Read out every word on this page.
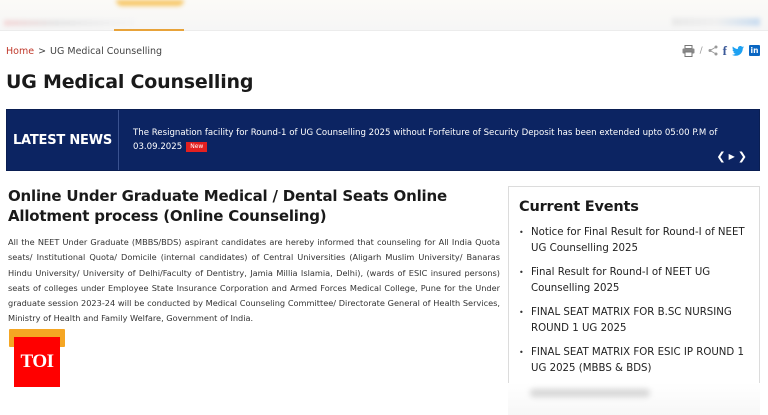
Home > UG Medical Counselling	/ f	in
UG Medical Counselling
LATEST NEWS	The Resignation facility for Round-1 of UG Counselling 2025 without Forfeiture of Security Deposit has been extended upto 05:00 P.M of 03.09.2025 New
❮ ▶ ❯
Online Under Graduate Medical / Dental Seats Online Allotment process (Online Counseling)

All the NEET Under Graduate (MBBS/BDS) aspirant candidates are hereby informed that counseling for All India Quota seats/ Institutional Quota/ Domicile (internal candidates) of Central Universities (Aligarh Muslim University/ Banaras Hindu University/ University of Delhi/Faculty of Dentistry, Jamia Millia Islamia, Delhi), (wards of ESIC insured persons) seats of colleges under Employee State Insurance Corporation and Armed Forces Medical College, Pune for the Under graduate session 2023-24 will be conducted by Medical Counseling Committee/ Directorate General of Health Services, Ministry of Health and Family Welfare, Government of India.

TOI
Current Events
• Notice for Final Result for Round-I of NEET UG Counselling 2025
• Final Result for Round-I of NEET UG Counselling 2025
• FINAL SEAT MATRIX FOR B.SC NURSING ROUND 1 UG 2025
• FINAL SEAT MATRIX FOR ESIC IP ROUND 1 UG 2025 (MBBS & BDS)
